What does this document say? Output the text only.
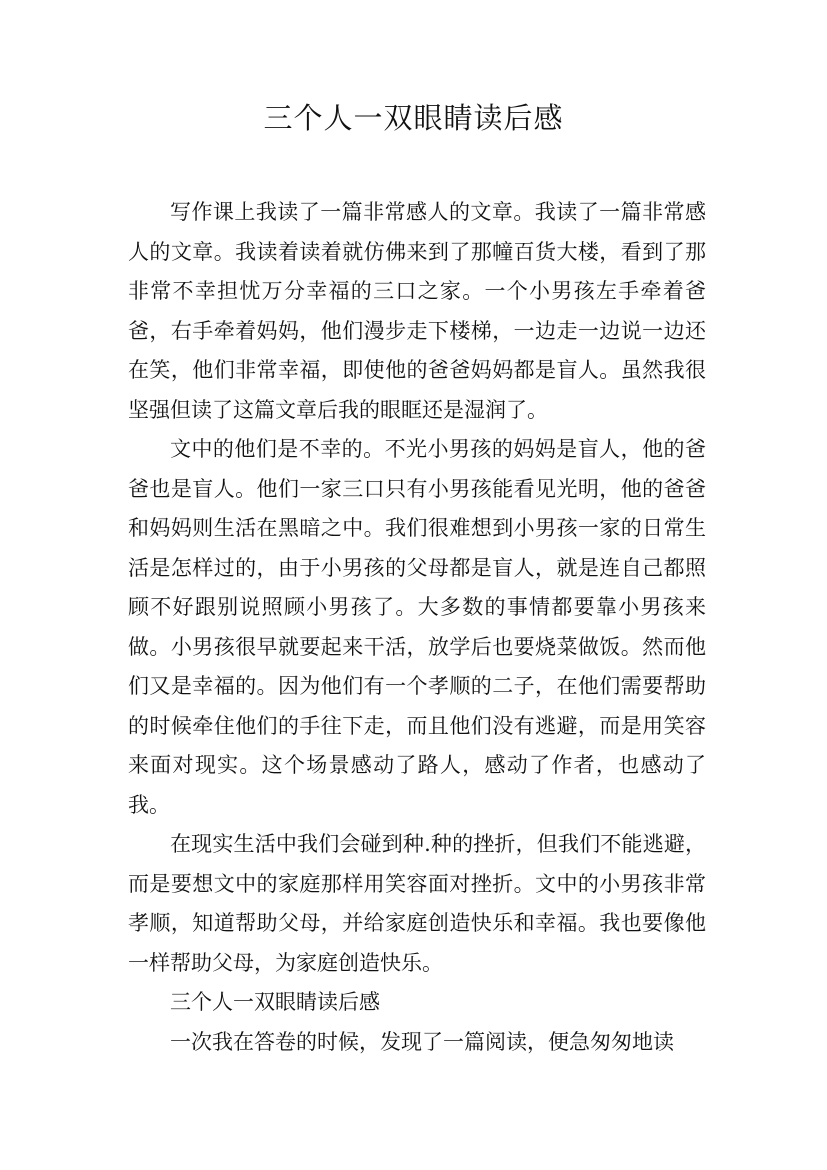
三个人一双眼睛读后感

写作课上我读了一篇非常感人的文章。我读了一篇非常感人的文章。我读着读着就仿佛来到了那幢百货大楼，看到了那非常不幸担忧万分幸福的三口之家。一个小男孩左手牵着爸爸，右手牵着妈妈，他们漫步走下楼梯，一边走一边说一边还在笑，他们非常幸福，即使他的爸爸妈妈都是盲人。虽然我很坚强但读了这篇文章后我的眼眶还是湿润了。

文中的他们是不幸的。不光小男孩的妈妈是盲人，他的爸爸也是盲人。他们一家三口只有小男孩能看见光明，他的爸爸和妈妈则生活在黑暗之中。我们很难想到小男孩一家的日常生活是怎样过的，由于小男孩的父母都是盲人，就是连自己都照顾不好跟别说照顾小男孩了。大多数的事情都要靠小男孩来做。小男孩很早就要起来干活，放学后也要烧菜做饭。然而他们又是幸福的。因为他们有一个孝顺的二子，在他们需要帮助的时候牵住他们的手往下走，而且他们没有逃避，而是用笑容来面对现实。这个场景感动了路人，感动了作者，也感动了我。

在现实生活中我们会碰到种.种的挫折，但我们不能逃避，而是要想文中的家庭那样用笑容面对挫折。文中的小男孩非常孝顺，知道帮助父母，并给家庭创造快乐和幸福。我也要像他一样帮助父母，为家庭创造快乐。

三个人一双眼睛读后感

一次我在答卷的时候，发现了一篇阅读，便急匆匆地读
